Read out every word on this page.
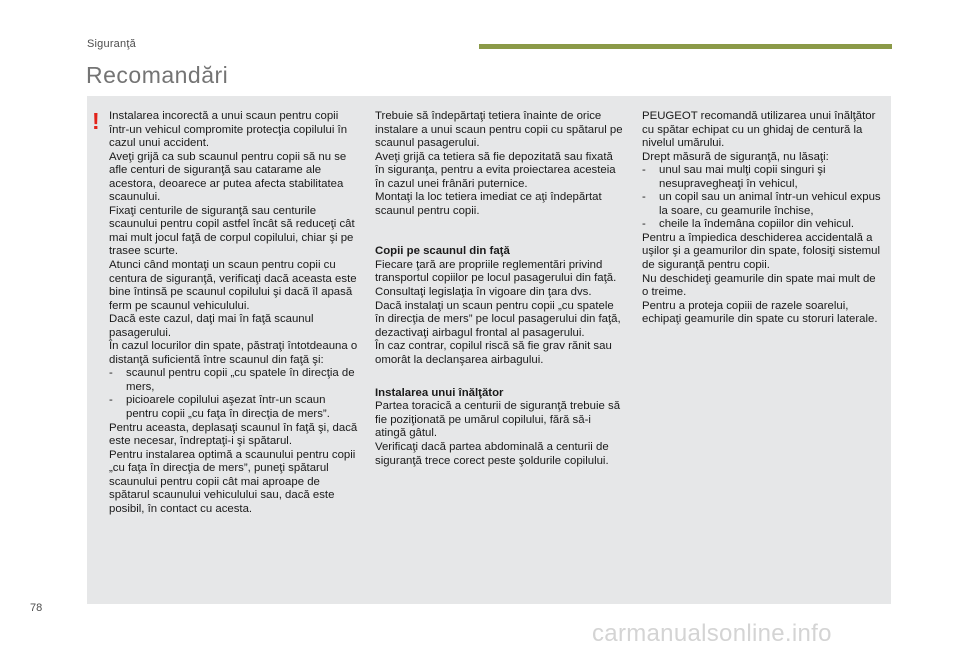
Siguranţă
Recomandări
! Instalarea incorectă a unui scaun pentru copii într-un vehicul compromite protecţia copilului în cazul unui accident.

Aveţi grijă ca sub scaunul pentru copii să nu se afle centuri de siguranţă sau catarame ale acestora, deoarece ar putea afecta stabilitatea scaunului.

Fixaţi centurile de siguranţă sau centurile scaunului pentru copil astfel încât să reduceţi cât mai mult jocul faţă de corpul copilului, chiar şi pe trasee scurte.

Atunci când montaţi un scaun pentru copii cu centura de siguranţă, verificaţi dacă aceasta este bine întinsă pe scaunul copilului şi dacă îl apasă ferm pe scaunul vehiculului.

Dacă este cazul, daţi mai în faţă scaunul pasagerului.

În cazul locurilor din spate, păstraţi întotdeauna o distanţă suficientă între scaunul din faţă şi:

- scaunul pentru copii „cu spatele în direcţia de mers,

- picioarele copilului aşezat într-un scaun pentru copii „cu faţa în direcţia de mers”.

Pentru aceasta, deplasaţi scaunul în faţă şi, dacă este necesar, îndreptaţi-i şi spătarul.

Pentru instalarea optimă a scaunului pentru copii „cu faţa în direcţia de mers”, puneţi spătarul scaunului pentru copii cât mai aproape de spătarul scaunului vehiculului sau, dacă este posibil, în contact cu acesta.

Trebuie să îndepărtaţi tetiera înainte de orice instalare a unui scaun pentru copii cu spătarul pe scaunul pasagerului.

Aveţi grijă ca tetiera să fie depozitată sau fixată în siguranţa, pentru a evita proiectarea acesteia în cazul unei frânări puternice.

Montaţi la loc tetiera imediat ce aţi îndepărtat scaunul pentru copii.

Copii pe scaunul din faţă

Fiecare ţară are propriile reglementări privind transportul copiilor pe locul pasagerului din faţă. Consultaţi legislaţia în vigoare din ţara dvs.

Dacă instalaţi un scaun pentru copii „cu spatele în direcţia de mers” pe locul pasagerului din faţă, dezactivaţi airbagul frontal al pasagerului.

În caz contrar, copilul riscă să fie grav rănit sau omorât la declanşarea airbagului.

Instalarea unui înălţător

Partea toracică a centurii de siguranţă trebuie să fie poziţionată pe umărul copilului, fără să-i atingă gâtul.

Verificaţi dacă partea abdominală a centurii de siguranţă trece corect peste şoldurile copilului.

PEUGEOT recomandă utilizarea unui înălţător cu spătar echipat cu un ghidaj de centură la nivelul umărului.

Drept măsură de siguranţă, nu lăsaţi:

- unul sau mai mulţi copii singuri şi nesupravegheaţi în vehicul,

- un copil sau un animal într-un vehicul expus la soare, cu geamurile închise,

- cheile la îndemâna copiilor din vehicul.

Pentru a împiedica deschiderea accidentală a uşilor şi a geamurilor din spate, folosiţi sistemul de siguranţă pentru copii.

Nu deschideţi geamurile din spate mai mult de o treime.

Pentru a proteja copiii de razele soarelui, echipaţi geamurile din spate cu storuri laterale.

78
carmanualsonline.info
